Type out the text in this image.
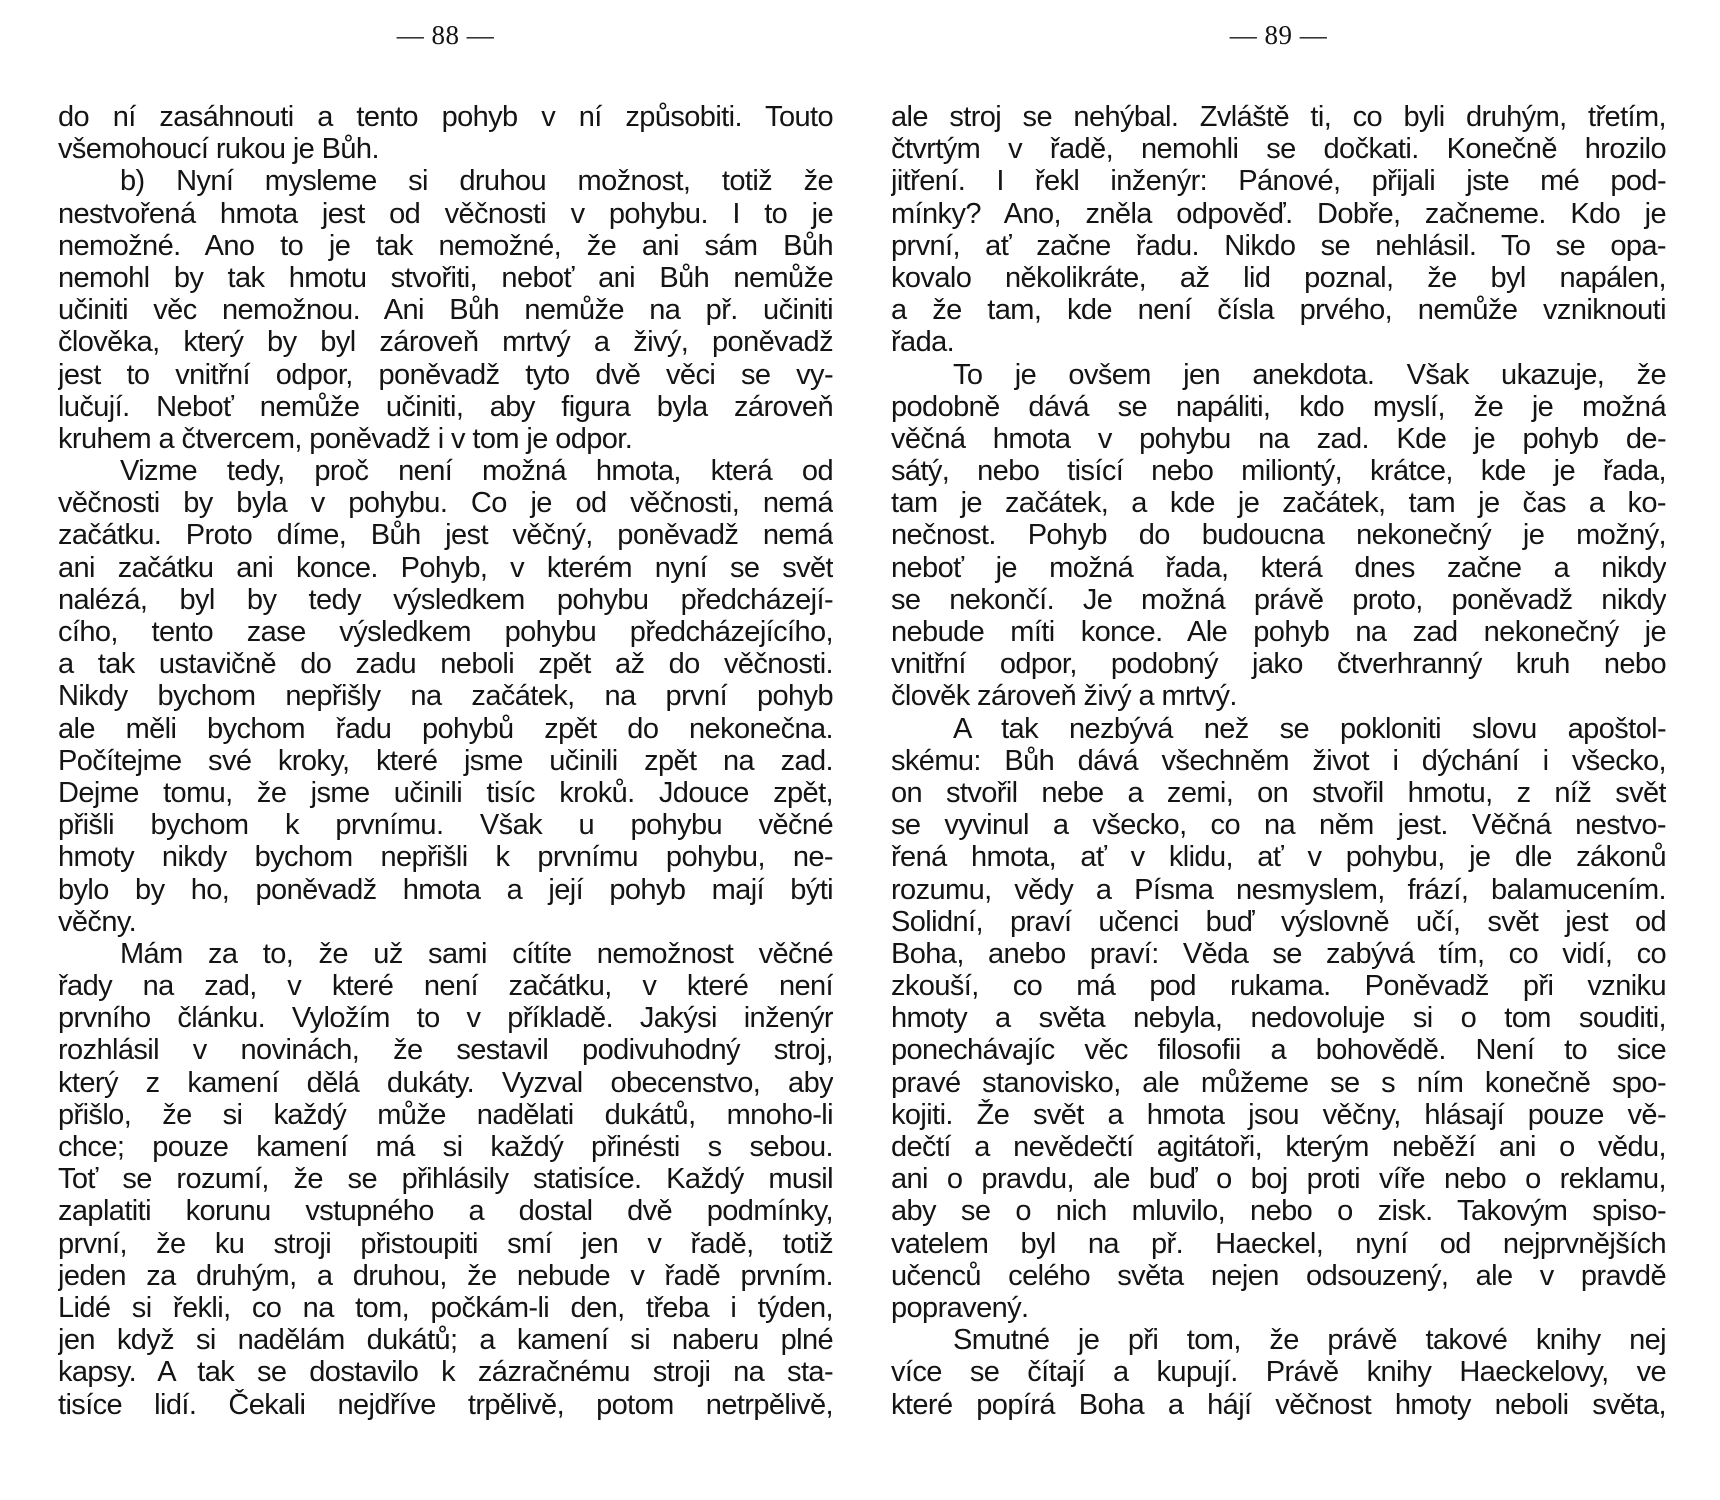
— 88 —
do ní zasáhnouti a tento pohyb v ní způsobiti. Touto
všemohoucí rukou je Bůh.
b) Nyní mysleme si druhou možnost, totiž že
nestvořená hmota jest od věčnosti v pohybu. I to je
nemožné. Ano to je tak nemožné, že ani sám Bůh
nemohl by tak hmotu stvořiti, neboť ani Bůh nemůže
učiniti věc nemožnou. Ani Bůh nemůže na př. učiniti
člověka, který by byl zároveň mrtvý a živý, poněvadž
jest to vnitřní odpor, poněvadž tyto dvě věci se vy-
lučují. Neboť nemůže učiniti, aby figura byla zároveň
kruhem a čtvercem, poněvadž i v tom je odpor.
Vizme tedy, proč není možná hmota, která od
věčnosti by byla v pohybu. Co je od věčnosti, nemá
začátku. Proto díme, Bůh jest věčný, poněvadž nemá
ani začátku ani konce. Pohyb, v kterém nyní se svět
nalézá, byl by tedy výsledkem pohybu předcházejí-
cího, tento zase výsledkem pohybu předcházejícího,
a tak ustavičně do zadu neboli zpět až do věčnosti.
Nikdy bychom nepřišly na začátek, na první pohyb
ale měli bychom řadu pohybů zpět do nekonečna.
Počítejme své kroky, které jsme učinili zpět na zad.
Dejme tomu, že jsme učinili tisíc kroků. Jdouce zpět,
přišli bychom k prvnímu. Však u pohybu věčné
hmoty nikdy bychom nepřišli k prvnímu pohybu, ne-
bylo by ho, poněvadž hmota a její pohyb mají býti
věčny.
Mám za to, že už sami cítíte nemožnost věčné
řady na zad, v které není začátku, v které není
prvního článku. Vyložím to v příkladě. Jakýsi inženýr
rozhlásil v novinách, že sestavil podivuhodný stroj,
který z kamení dělá dukáty. Vyzval obecenstvo, aby
přišlo, že si každý může nadělati dukátů, mnoho-li
chce; pouze kamení má si každý přinésti s sebou.
Toť se rozumí, že se přihlásily statisíce. Každý musil
zaplatiti korunu vstupného a dostal dvě podmínky,
první, že ku stroji přistoupiti smí jen v řadě, totiž
jeden za druhým, a druhou, že nebude v řadě prvním.
Lidé si řekli, co na tom, počkám-li den, třeba i týden,
jen když si nadělám dukátů; a kamení si naberu plné
kapsy. A tak se dostavilo k zázračnému stroji na sta-
tisíce lidí. Čekali nejdříve trpělivě, potom netrpělivě,
— 89 —
ale stroj se nehýbal. Zvláště ti, co byli druhým, třetím,
čtvrtým v řadě, nemohli se dočkati. Konečně hrozilo
jitření. I řekl inženýr: Pánové, přijali jste mé pod-
mínky? Ano, zněla odpověď. Dobře, začneme. Kdo je
první, ať začne řadu. Nikdo se nehlásil. To se opa-
kovalo několikráte, až lid poznal, že byl napálen,
a že tam, kde není čísla prvého, nemůže vzniknouti
řada.
To je ovšem jen anekdota. Však ukazuje, že
podobně dává se napáliti, kdo myslí, že je možná
věčná hmota v pohybu na zad. Kde je pohyb de-
sátý, nebo tisící nebo miliontý, krátce, kde je řada,
tam je začátek, a kde je začátek, tam je čas a ko-
nečnost. Pohyb do budoucna nekonečný je možný,
neboť je možná řada, která dnes začne a nikdy
se nekončí. Je možná právě proto, poněvadž nikdy
nebude míti konce. Ale pohyb na zad nekonečný je
vnitřní odpor, podobný jako čtverhranný kruh nebo
člověk zároveň živý a mrtvý.
A tak nezbývá než se pokloniti slovu apoštol-
skému: Bůh dává všechněm život i dýchání i všecko,
on stvořil nebe a zemi, on stvořil hmotu, z níž svět
se vyvinul a všecko, co na něm jest. Věčná nestvo-
řená hmota, ať v klidu, ať v pohybu, je dle zákonů
rozumu, vědy a Písma nesmyslem, frází, balamucením.
Solidní, praví učenci buď výslovně učí, svět jest od
Boha, anebo praví: Věda se zabývá tím, co vidí, co
zkouší, co má pod rukama. Poněvadž při vzniku
hmoty a světa nebyla, nedovoluje si o tom souditi,
ponechávajíc věc filosofii a bohovědě. Není to sice
pravé stanovisko, ale můžeme se s ním konečně spo-
kojiti. Že svět a hmota jsou věčny, hlásají pouze vě-
dečtí a nevědečtí agitátoři, kterým neběží ani o vědu,
ani o pravdu, ale buď o boj proti víře nebo o reklamu,
aby se o nich mluvilo, nebo o zisk. Takovým spiso-
vatelem byl na př. Haeckel, nyní od nejprvnějších
učenců celého světa nejen odsouzený, ale v pravdě
popravený.
Smutné je při tom, že právě takové knihy nej
více se čítají a kupují. Právě knihy Haeckelovy, ve
které popírá Boha a hájí věčnost hmoty neboli světa,
